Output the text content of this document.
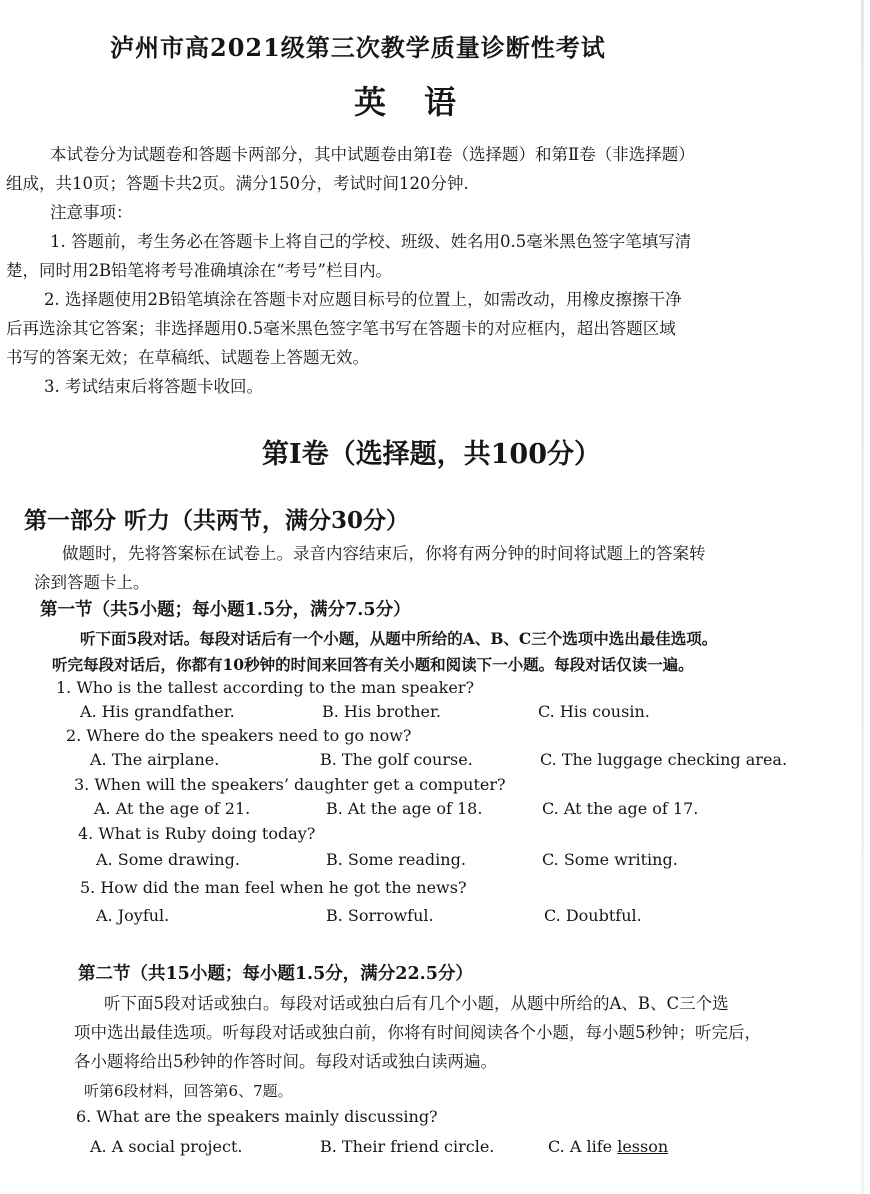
泸州市高2021级第三次教学质量诊断性考试
英语
本试卷分为试题卷和答题卡两部分，其中试题卷由第Ⅰ卷（选择题）和第Ⅱ卷（非选择题）
组成，共10页；答题卡共2页。满分150分，考试时间120分钟.
注意事项：
1. 答题前，考生务必在答题卡上将自己的学校、班级、姓名用0.5毫米黑色签字笔填写清
楚，同时用2B铅笔将考号准确填涂在“考号”栏目内。
2. 选择题使用2B铅笔填涂在答题卡对应题目标号的位置上，如需改动，用橡皮擦擦干净
后再选涂其它答案；非选择题用0.5毫米黑色签字笔书写在答题卡的对应框内，超出答题区域
书写的答案无效；在草稿纸、试题卷上答题无效。
3. 考试结束后将答题卡收回。
第Ⅰ卷（选择题，共100分）
第一部分 听力（共两节，满分30分）
做题时，先将答案标在试卷上。录音内容结束后，你将有两分钟的时间将试题上的答案转
涂到答题卡上。
第一节（共5小题；每小题1.5分，满分7.5分）
听下面5段对话。每段对话后有一个小题，从题中所给的A、B、C三个选项中选出最佳选项。
听完每段对话后，你都有10秒钟的时间来回答有关小题和阅读下一小题。每段对话仅读一遍。
1. Who is the tallest according to the man speaker?
A. His grandfather.	B. His brother.	C. His cousin.
2. Where do the speakers need to go now?
A. The airplane.	B. The golf course.	C. The luggage checking area.
3. When will the speakers’ daughter get a computer?
A. At the age of 21.	B. At the age of 18.	C. At the age of 17.
4. What is Ruby doing today?
A. Some drawing.	B. Some reading.	C. Some writing.
5. How did the man feel when he got the news?
A. Joyful.	B. Sorrowful.	C. Doubtful.
第二节（共15小题；每小题1.5分，满分22.5分）
听下面5段对话或独白。每段对话或独白后有几个小题，从题中所给的A、B、C三个选
项中选出最佳选项。听每段对话或独白前，你将有时间阅读各个小题，每小题5秒钟；听完后，
各小题将给出5秒钟的作答时间。每段对话或独白读两遍。
听第6段材料，回答第6、7题。
6. What are the speakers mainly discussing?
A. A social project.	B. Their friend circle.	C. A life lesson
